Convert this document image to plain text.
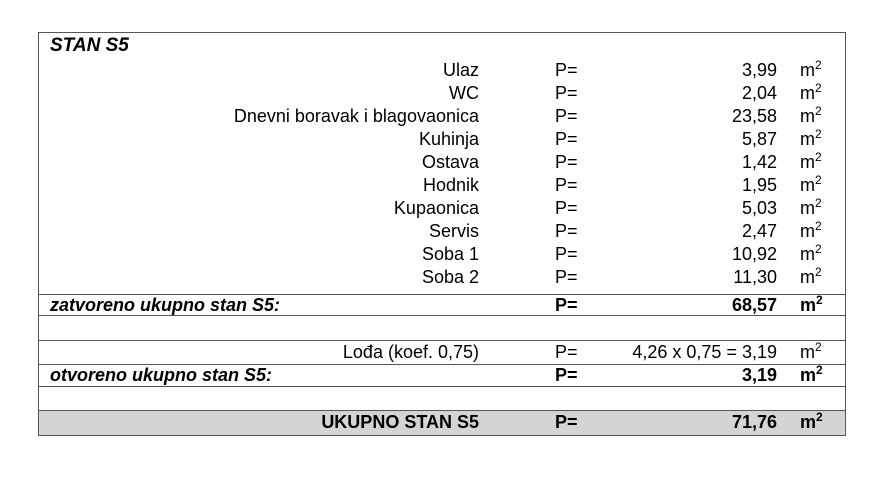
STAN S5
Ulaz	P=	3,99 $m^2$
WC	P=	2,04 $m^2$
Dnevni boravak i blagovaonica	P=	23,58 $m^2$
Kuhinja	P=	5,87 $m^2$
Ostava	P=	1,42 $m^2$
Hodnik	P=	1,95 $m^2$
Kupaonica	P=	5,03 $m^2$
Servis	P=	2,47 $m^2$
Soba 1	P=	10,92 $m^2$
Soba 2	P=	11,30 $m^2$
zatvoreno ukupno stan S5:	P=	68,57 $m^2$
Lođa (koef. 0,75)	P=	4,26 x 0,75 = 3,19 $m^2$
otvoreno ukupno stan S5:	P=	3,19 $m^2$
UKUPNO STAN S5	P=	71,76 $m^2$
